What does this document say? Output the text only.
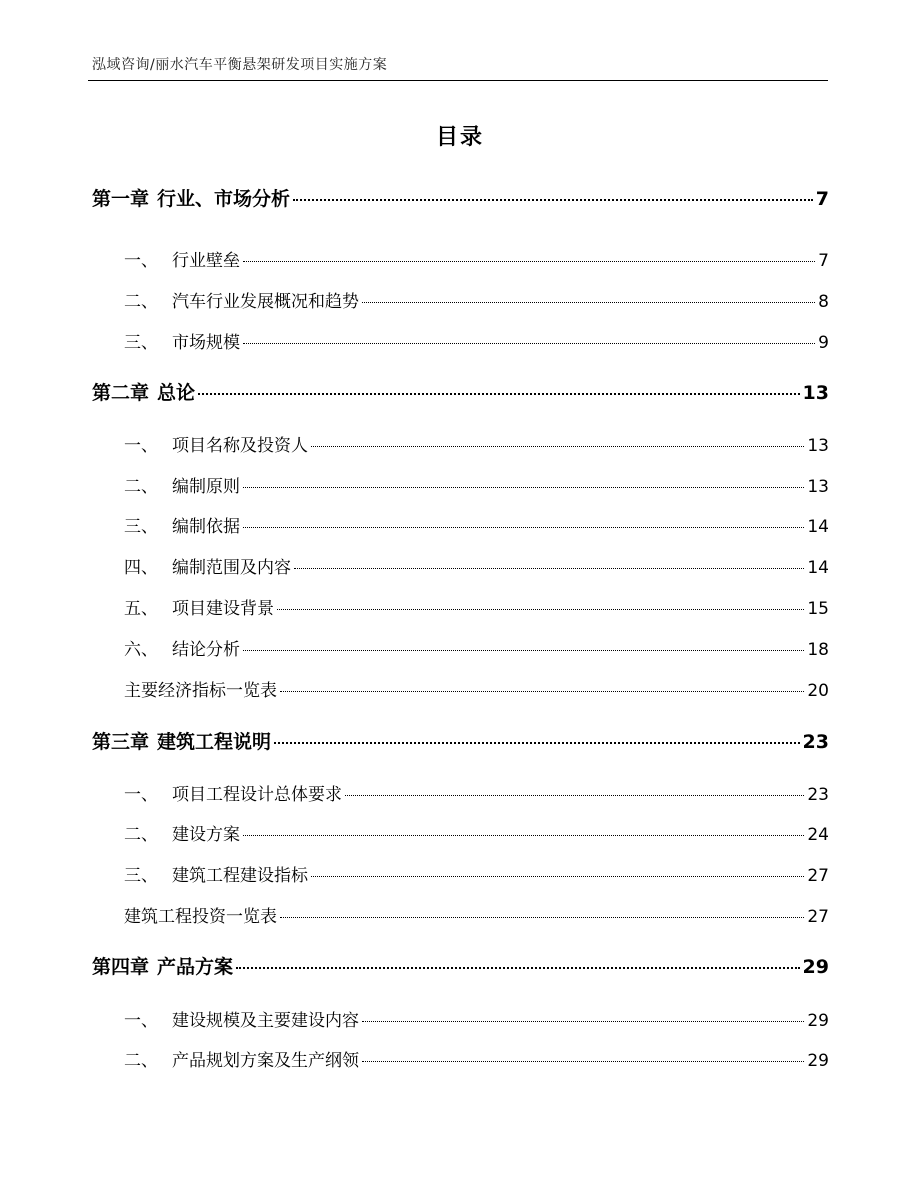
泓域咨询/丽水汽车平衡悬架研发项目实施方案
目录
第一章 行业、市场分析	7
一、 行业壁垒	7
二、 汽车行业发展概况和趋势	8
三、 市场规模	9
第二章 总论	13
一、 项目名称及投资人	13
二、 编制原则	13
三、 编制依据	14
四、 编制范围及内容	14
五、 项目建设背景	15
六、 结论分析	18
主要经济指标一览表	20
第三章 建筑工程说明	23
一、 项目工程设计总体要求	23
二、 建设方案	24
三、 建筑工程建设指标	27
建筑工程投资一览表	27
第四章 产品方案	29
一、 建设规模及主要建设内容	29
二、 产品规划方案及生产纲领	29
